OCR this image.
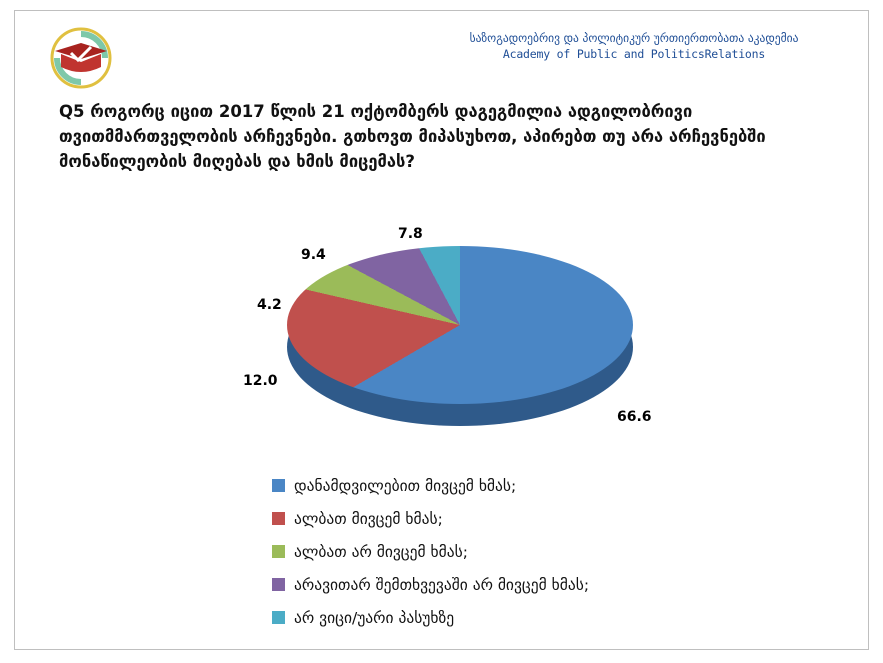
საზოგადოებრივ და პოლიტიკურ ურთიერთობათა აკადემია
Academy of Public and PoliticsRelations
Q5 როგორც იცით 2017 წლის 21 ოქტომბერს დაგეგმილია ადგილობრივი თვითმმართველობის არჩევნები. გთხოვთ მიპასუხოთ, აპირებთ თუ არა არჩევნებში მონაწილეობის მიღებას და ხმის მიცემას?
66.6
12.0
4.2
9.4
7.8
დანამდვილებით მივცემ ხმას;
ალბათ მივცემ ხმას;
ალბათ არ მივცემ ხმას;
არავითარ შემთხვევაში არ მივცემ ხმას;
არ ვიცი/უარი პასუხზე
